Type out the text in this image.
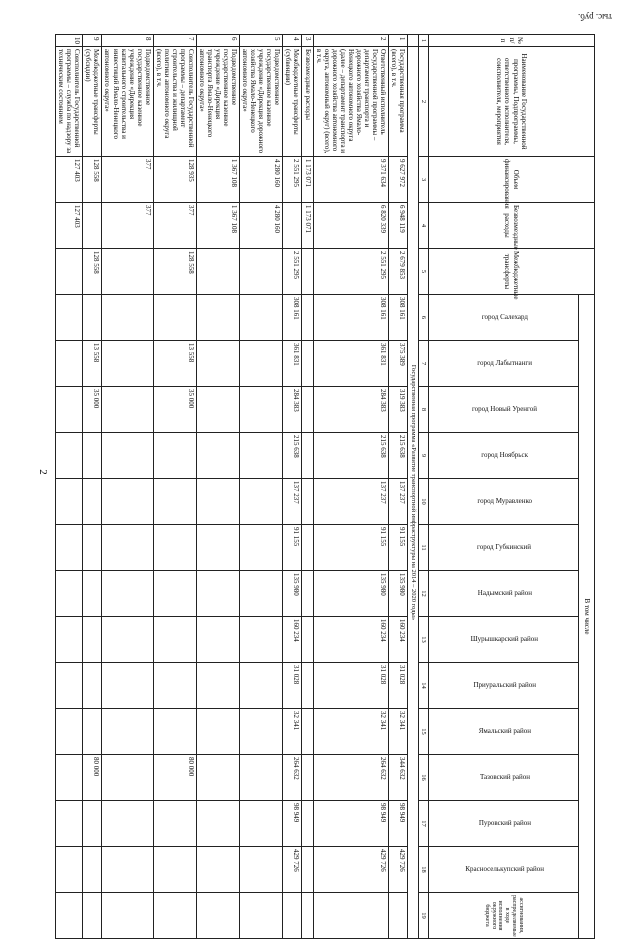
2
тыс. руб.
№ п/п	Наименование Государственной программы, Подпрограммы, ответственного исполнителя, соисполнителя, мероприятия	Объем финансирования	Безвозмездные расходы	Межбюджетные трансферты	В том числе													
					город Салехард	город Лабытнанги	город Новый Уренгой	город Ноябрьск	город Муравленко	город Губкинский	Надымский район	Шурышкарский район	Приуральский район	Ямальский район	Тазовский район	Пуровский район	Красноселькупский район	ассигнования, распределяемые в ходе исполнения окружного бюджета
1	2	3	4	5	6	7	8	9	10	11	12	13	14	15	16	17	18	19
	Государственная программа «Развитие транспортной инфраструктуры на 2014 – 2020 годы»																	
1	Государственная программа (всего), в т.ч.	9 627 972	6 948 119	2 679 853	308 161	375 389	319 383	215 638	137 237	91 155	135 980	160 234	31 028	32 341	344 632	98 949	429 726	
2	Ответственный исполнитель Государственной программы – департамент транспорта и дорожного хозяйства Ямало-Ненецкого автономного округа (далее – департамент транспорта и дорожного хозяйства автономного округа, автономный округ) (всего), в т.ч.	9 371 634	6 820 339	2 551 295	308 161	361 831	284 383	215 638	137 237	91 155	135 980	160 234	31 028	32 341	264 632	98 949	429 726	
3	Безвозмездные расходы	1 173 071	1 173 071															
4	Межбюджетные трансферты (субвенции)	2 551 295		2 551 295	308 161	361 831	284 383	215 638	137 237	91 155	135 980	160 234	31 028	32 341	264 632	98 949	429 726	
5	Подведомственное государственное казенное учреждение «Дирекция дорожного хозяйства Ямало-Ненецкого автономного округа»	4 280 160	4 280 160															
6	Подведомственное государственное казенное учреждение «Дирекция транспорта Ямало-Ненецкого автономного округа»	1 367 108	1 367 108															
7	Соисполнитель Государственной программы – департамент строительства и жилищной политики автономного округа (всего), в т.ч.	128 935	377	128 558		13 558	35 000								80 000			
8	Подведомственное государственное казенное учреждение «Дирекция капитального строительства и инвестиций Ямало-Ненецкого автономного округа»	377	377															
9	Межбюджетные трансферты (субсидии)	128 558		128 558		13 558	35 000								80 000			
10	Соисполнитель Государственной программы – служба по надзору за техническим состоянием	127 403	127 403															
